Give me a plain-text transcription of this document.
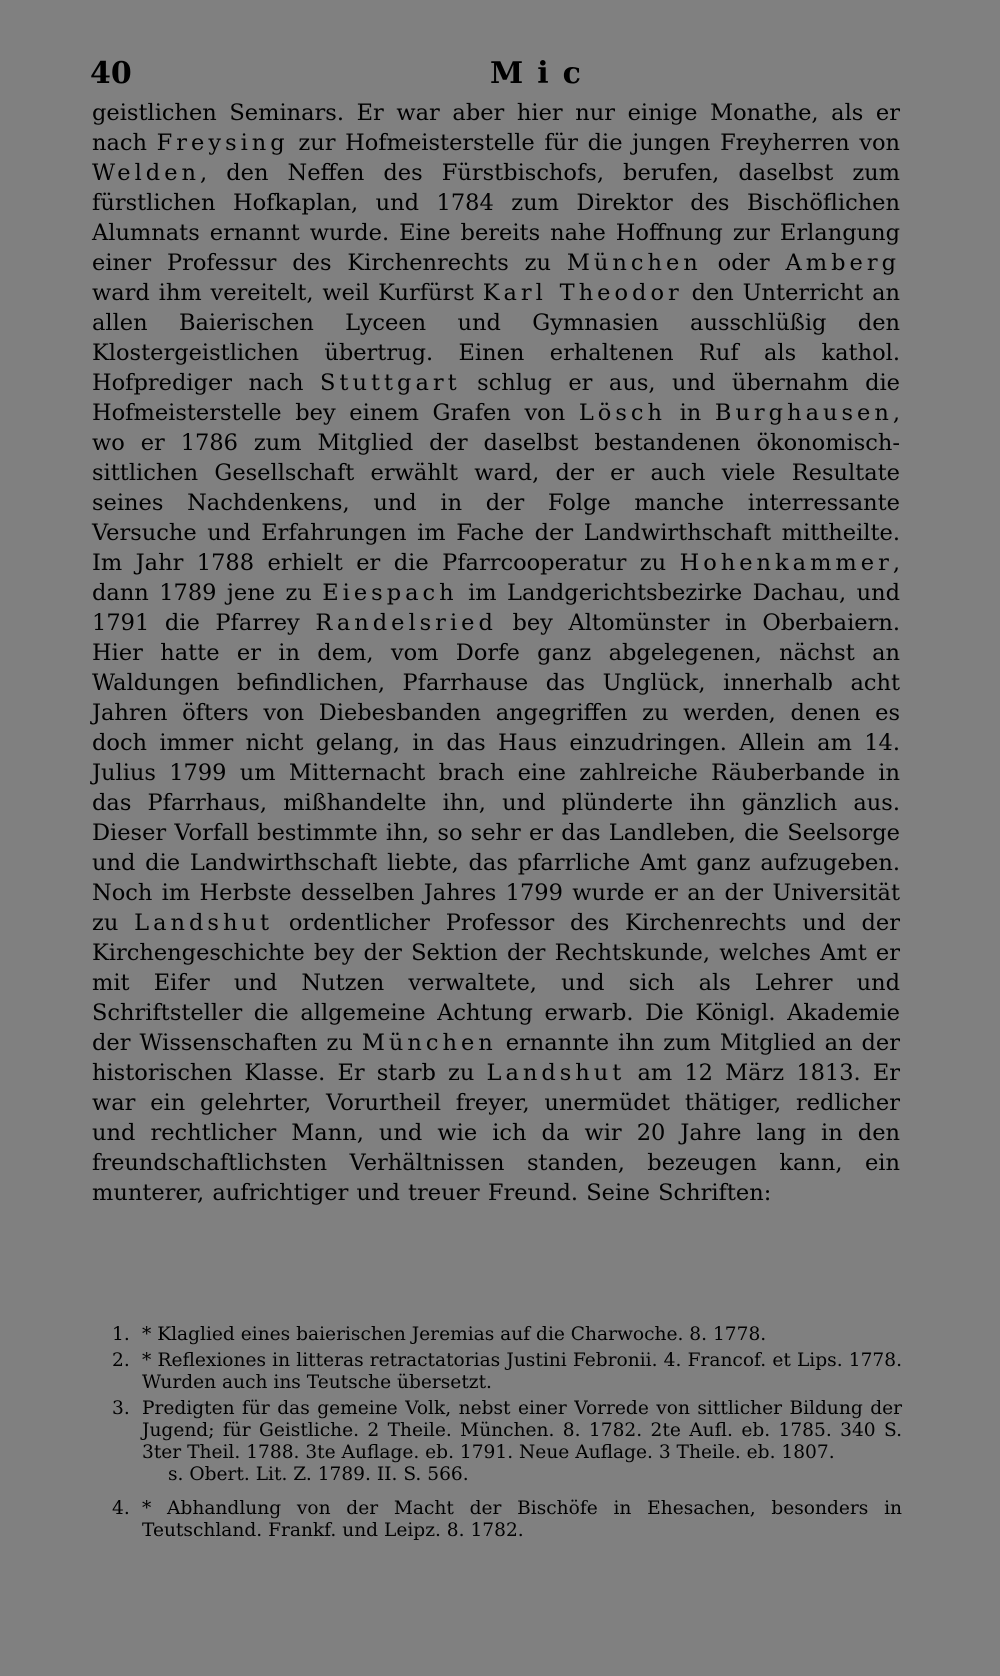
40	Mic

geistlichen Seminars. Er war aber hier nur einige Monathe, als er nach Freysing zur Hofmeisterstelle für die jungen Freyherren von Welden, den Neffen des Fürstbischofs, berufen, daselbst zum fürstlichen Hofkaplan, und 1784 zum Direktor des Bischöflichen Alumnats ernannt wurde. Eine bereits nahe Hoffnung zur Erlangung einer Professur des Kirchenrechts zu München oder Amberg ward ihm vereitelt, weil Kurfürst Karl Theodor den Unterricht an allen Baierischen Lyceen und Gymnasien ausschlüßig den Klostergeistlichen übertrug. Einen erhaltenen Ruf als kathol. Hofprediger nach Stuttgart schlug er aus, und übernahm die Hofmeisterstelle bey einem Grafen von Lösch in Burghausen, wo er 1786 zum Mitglied der daselbst bestandenen ökonomisch-sittlichen Gesellschaft erwählt ward, der er auch viele Resultate seines Nachdenkens, und in der Folge manche interressante Versuche und Erfahrungen im Fache der Landwirthschaft mittheilte. Im Jahr 1788 erhielt er die Pfarrcooperatur zu Hohenkammer, dann 1789 jene zu Eiespach im Landgerichtsbezirke Dachau, und 1791 die Pfarrey Randelsried bey Altomünster in Oberbaiern. Hier hatte er in dem, vom Dorfe ganz abgelegenen, nächst an Waldungen befindlichen, Pfarrhause das Unglück, innerhalb acht Jahren öfters von Diebesbanden angegriffen zu werden, denen es doch immer nicht gelang, in das Haus einzudringen. Allein am 14. Julius 1799 um Mitternacht brach eine zahlreiche Räuberbande in das Pfarrhaus, mißhandelte ihn, und plünderte ihn gänzlich aus. Dieser Vorfall bestimmte ihn, so sehr er das Landleben, die Seelsorge und die Landwirthschaft liebte, das pfarrliche Amt ganz aufzugeben. Noch im Herbste desselben Jahres 1799 wurde er an der Universität zu Landshut ordentlicher Professor des Kirchenrechts und der Kirchengeschichte bey der Sektion der Rechtskunde, welches Amt er mit Eifer und Nutzen verwaltete, und sich als Lehrer und Schriftsteller die allgemeine Achtung erwarb. Die Königl. Akademie der Wissenschaften zu München ernannte ihn zum Mitglied an der historischen Klasse. Er starb zu Landshut am 12 März 1813. Er war ein gelehrter, Vorurtheil freyer, unermüdet thätiger, redlicher und rechtlicher Mann, und wie ich da wir 20 Jahre lang in den freundschaftlichsten Verhältnissen standen, bezeugen kann, ein munterer, aufrichtiger und treuer Freund. Seine Schriften:

1. * Klaglied eines baierischen Jeremias auf die Charwoche. 8. 1778.
2. * Reflexiones in litteras retractatorias Justini Febronii. 4. Francof. et Lips. 1778. Wurden auch ins Teutsche übersetzt.
3. Predigten für das gemeine Volk, nebst einer Vorrede von sittlicher Bildung der Jugend; für Geistliche. 2 Theile. München. 8. 1782. 2te Aufl. eb. 1785. 340 S. 3ter Theil. 1788. 3te Auflage. eb. 1791. Neue Auflage. 3 Theile. eb. 1807.
s. Obert. Lit. Z. 1789. II. S. 566.
4. * Abhandlung von der Macht der Bischöfe in Ehesachen, besonders in Teutschland. Frankf. und Leipz. 8. 1782.
